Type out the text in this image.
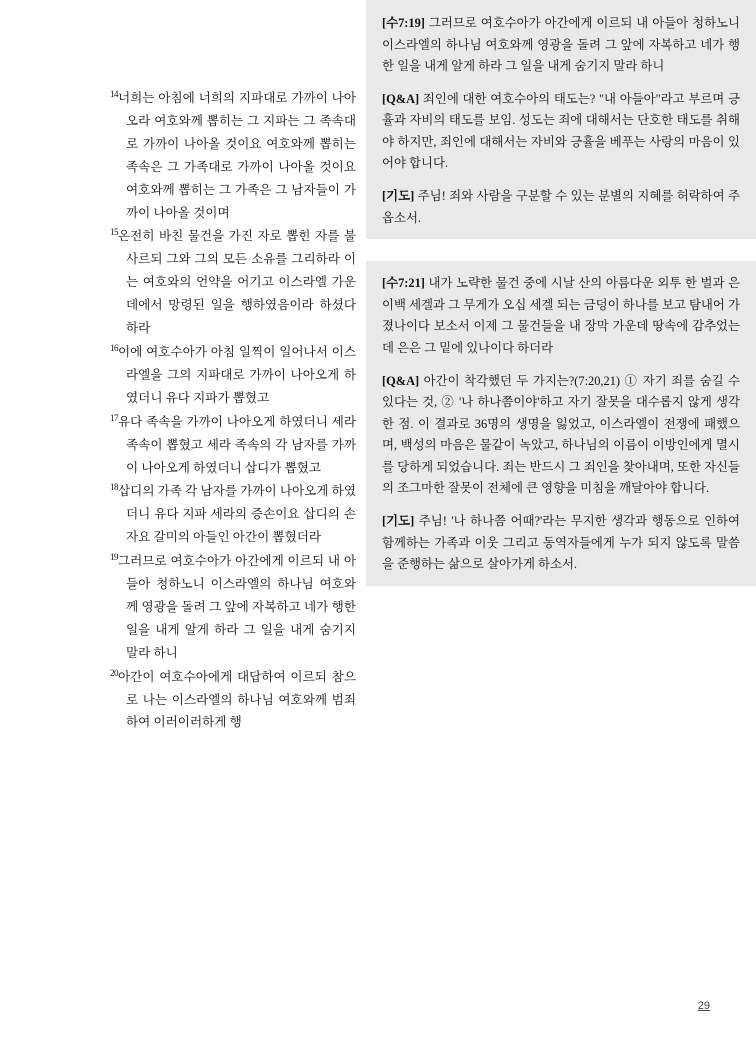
$^{14}$너희는 아침에 너희의 지파대로 가까이 나아오라 여호와께 뽑히는 그 지파는 그 족속대로 가까이 나아올 것이요 여호와께 뽑히는 족속은 그 가족대로 가까이 나아올 것이요 여호와께 뽑히는 그 가족은 그 남자들이 가까이 나아올 것이며

$^{15}$온전히 바친 물건을 가진 자로 뽑힌 자를 불사르되 그와 그의 모든 소유를 그리하라 이는 여호와의 언약을 어기고 이스라엘 가운데에서 망령된 일을 행하였음이라 하셨다 하라

$^{16}$이에 여호수아가 아침 일찍이 일어나서 이스라엘을 그의 지파대로 가까이 나아오게 하였더니 유다 지파가 뽑혔고

$^{17}$유다 족속을 가까이 나아오게 하였더니 세라 족속이 뽑혔고 세라 족속의 각 남자를 가까이 나아오게 하였더니 삽디가 뽑혔고

$^{18}$삽디의 가족 각 남자를 가까이 나아오게 하였더니 유다 지파 세라의 증손이요 삽디의 손자요 갈미의 아들인 아간이 뽑혔더라

$^{19}$그러므로 여호수아가 아간에게 이르되 내 아들아 청하노니 이스라엘의 하나님 여호와께 영광을 돌려 그 앞에 자복하고 네가 행한 일을 내게 알게 하라 그 일을 내게 숨기지 말라 하니

$^{20}$아간이 여호수아에게 대답하여 이르되 참으로 나는 이스라엘의 하나님 여호와께 범죄하여 이러이러하게 행

[수7:19] 그러므로 여호수아가 아간에게 이르되 내 아들아 청하노니 이스라엘의 하나님 여호와께 영광을 돌려 그 앞에 자복하고 네가 행한 일을 내게 알게 하라 그 일을 내게 숨기지 말라 하니

[Q&A] 죄인에 대한 여호수아의 태도는? "내 아들아"라고 부르며 긍휼과 자비의 태도를 보임. 성도는 죄에 대해서는 단호한 태도를 취해야 하지만, 죄인에 대해서는 자비와 긍휼을 베푸는 사랑의 마음이 있어야 합니다.

[기도] 주님! 죄와 사람을 구분할 수 있는 분별의 지혜를 허락하여 주옵소서.

[수7:21] 내가 노략한 물건 중에 시날 산의 아름다운 외투 한 벌과 은 이백 세겔과 그 무게가 오십 세겔 되는 금덩이 하나를 보고 탐내어 가졌나이다 보소서 이제 그 물건들을 내 장막 가운데 땅속에 감추었는데 은은 그 밑에 있나이다 하더라

[Q&A] 아간이 착각했던 두 가지는?(7:20,21) ① 자기 죄를 숨길 수 있다는 것, ② '나 하나쯤이야'하고 자기 잘못을 대수롭지 않게 생각한 점. 이 결과로 36명의 생명을 잃었고, 이스라엘이 전쟁에 패했으며, 백성의 마음은 물같이 녹았고, 하나님의 이름이 이방인에게 멸시를 당하게 되었습니다. 죄는 반드시 그 죄인을 찾아내며, 또한 자신들의 조그마한 잘못이 전체에 큰 영향을 미침을 깨달아야 합니다.

[기도] 주님! '나 하나쯤 어때?'라는 무지한 생각과 행동으로 인하여 함께하는 가족과 이웃 그리고 동역자들에게 누가 되지 않도록 말씀을 준행하는 삶으로 살아가게 하소서.

29
